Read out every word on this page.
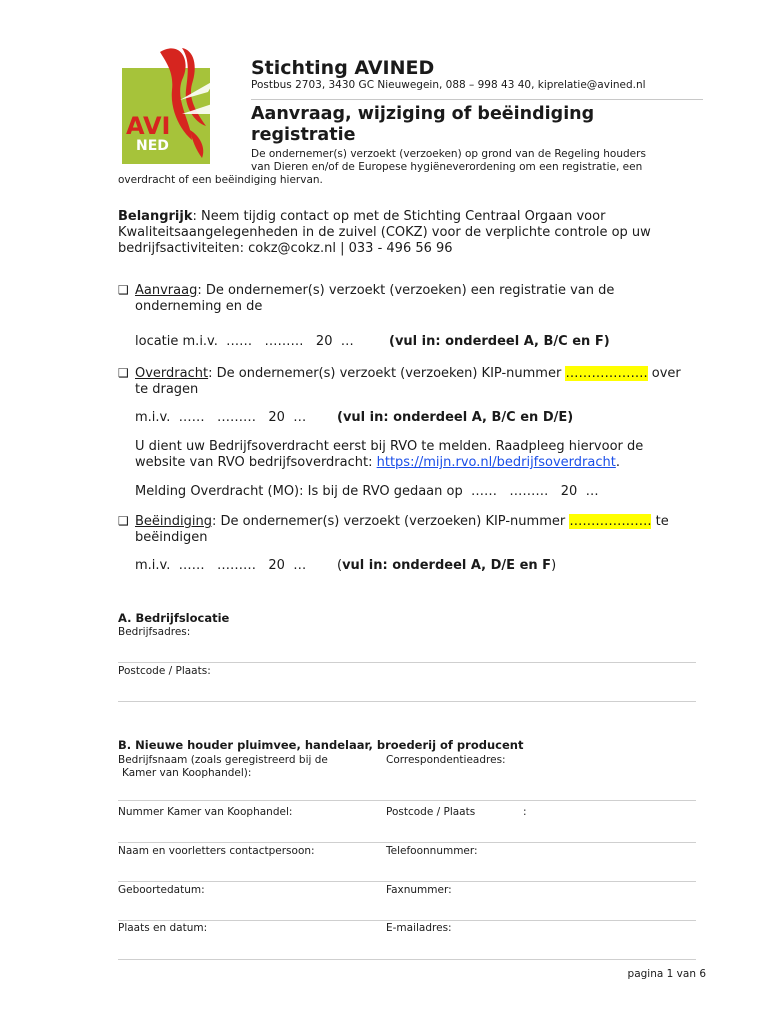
AVI
NED
Stichting AVINED
Postbus 2703, 3430 GC Nieuwegein, 088 – 998 43 40, kiprelatie@avined.nl
Aanvraag, wijziging of beëindiging registratie
De ondernemer(s) verzoekt (verzoeken) op grond van de Regeling houders
van Dieren en/of de Europese hygiëneverordening om een registratie, een
overdracht of een beëindiging hiervan.
Belangrijk: Neem tijdig contact op met de Stichting Centraal Orgaan voor Kwaliteitsaangelegenheden in de zuivel (COKZ) voor de verplichte controle op uw bedrijfsactiviteiten: cokz@cokz.nl | 033 - 496 56 96
❑ Aanvraag: De ondernemer(s) verzoekt (verzoeken) een registratie van de
onderneming en de
locatie m.i.v.  ……   ………   20  …	(vul in: onderdeel A, B/C en F)
❑ Overdracht: De ondernemer(s) verzoekt (verzoeken) KIP-nummer ………………. over
te dragen
m.i.v.  ……   ………   20  … (vul in: onderdeel A, B/C en D/E)
U dient uw Bedrijfsoverdracht eerst bij RVO te melden. Raadpleeg hiervoor de
website van RVO bedrijfsoverdracht: https://mijn.rvo.nl/bedrijfsoverdracht.
Melding Overdracht (MO): Is bij de RVO gedaan op  ……   ………   20  …
❑ Beëindiging: De ondernemer(s) verzoekt (verzoeken) KIP-nummer ………………. te
beëindigen
m.i.v.  ……   ………   20  … (vul in: onderdeel A, D/E en F)
A. Bedrijfslocatie
Bedrijfsadres:
Postcode / Plaats:
B. Nieuwe houder pluimvee, handelaar, broederij of producent
Bedrijfsnaam (zoals geregistreerd bij de
Kamer van Koophandel):
Correspondentieadres:
Nummer Kamer van Koophandel:	Postcode / Plaats	:
Naam en voorletters contactpersoon:	Telefoonnummer:
Geboortedatum:	Faxnummer:
Plaats en datum:	E-mailadres:
pagina 1 van 6
